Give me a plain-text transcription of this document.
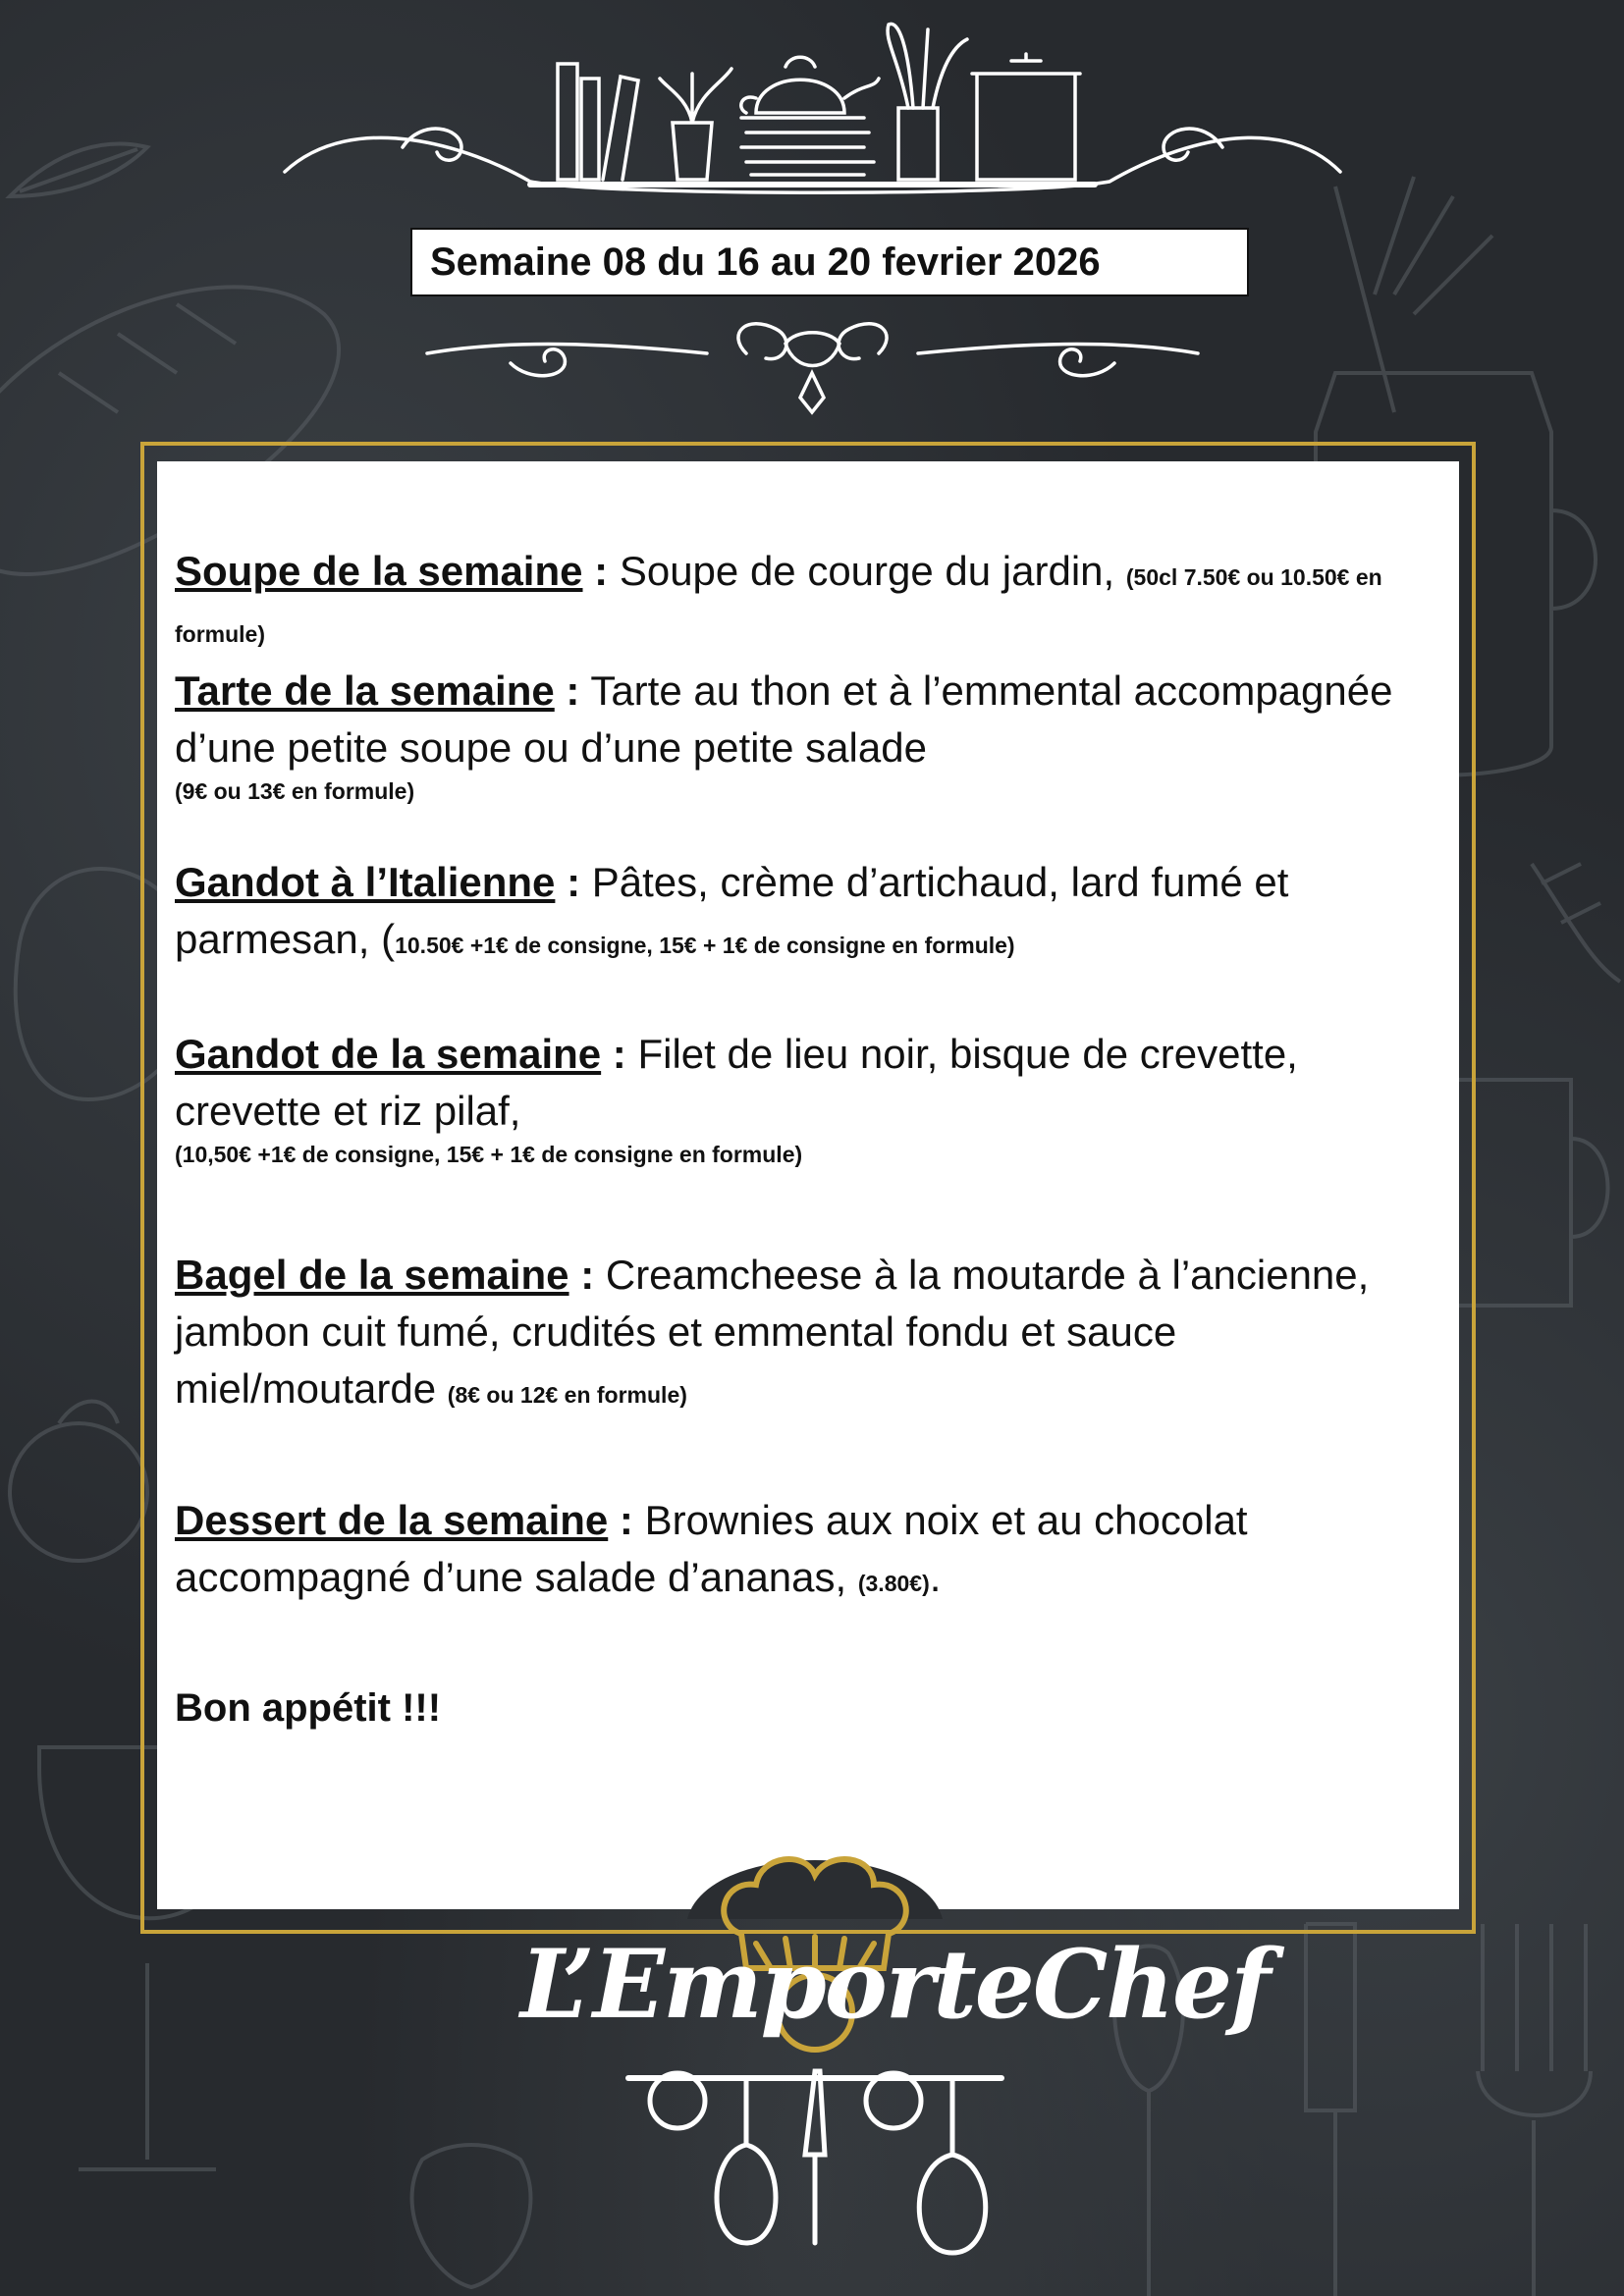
Semaine 08 du 16 au 20 fevrier 2026

Soupe de la semaine : Soupe de courge du jardin, (50cl 7.50€ ou 10.50€ en formule)

Tarte de la semaine : Tarte au thon et à l’emmental accompagnée d’une petite soupe ou d’une petite salade
(9€ ou 13€ en formule)

Gandot à l’Italienne : Pâtes, crème d’artichaud, lard fumé et parmesan, (10.50€ +1€ de consigne, 15€ + 1€ de consigne en formule)

Gandot de la semaine : Filet de lieu noir, bisque de crevette, crevette et riz pilaf,
(10,50€ +1€ de consigne, 15€ + 1€ de consigne en formule)

Bagel de la semaine : Creamcheese à la moutarde à l’ancienne, jambon cuit fumé, crudités et emmental fondu et sauce miel/moutarde (8€ ou 12€ en formule)

Dessert de la semaine : Brownies aux noix et au chocolat accompagné d’une salade d’ananas, (3.80€).

Bon appétit !!!
L’EmporteChef
